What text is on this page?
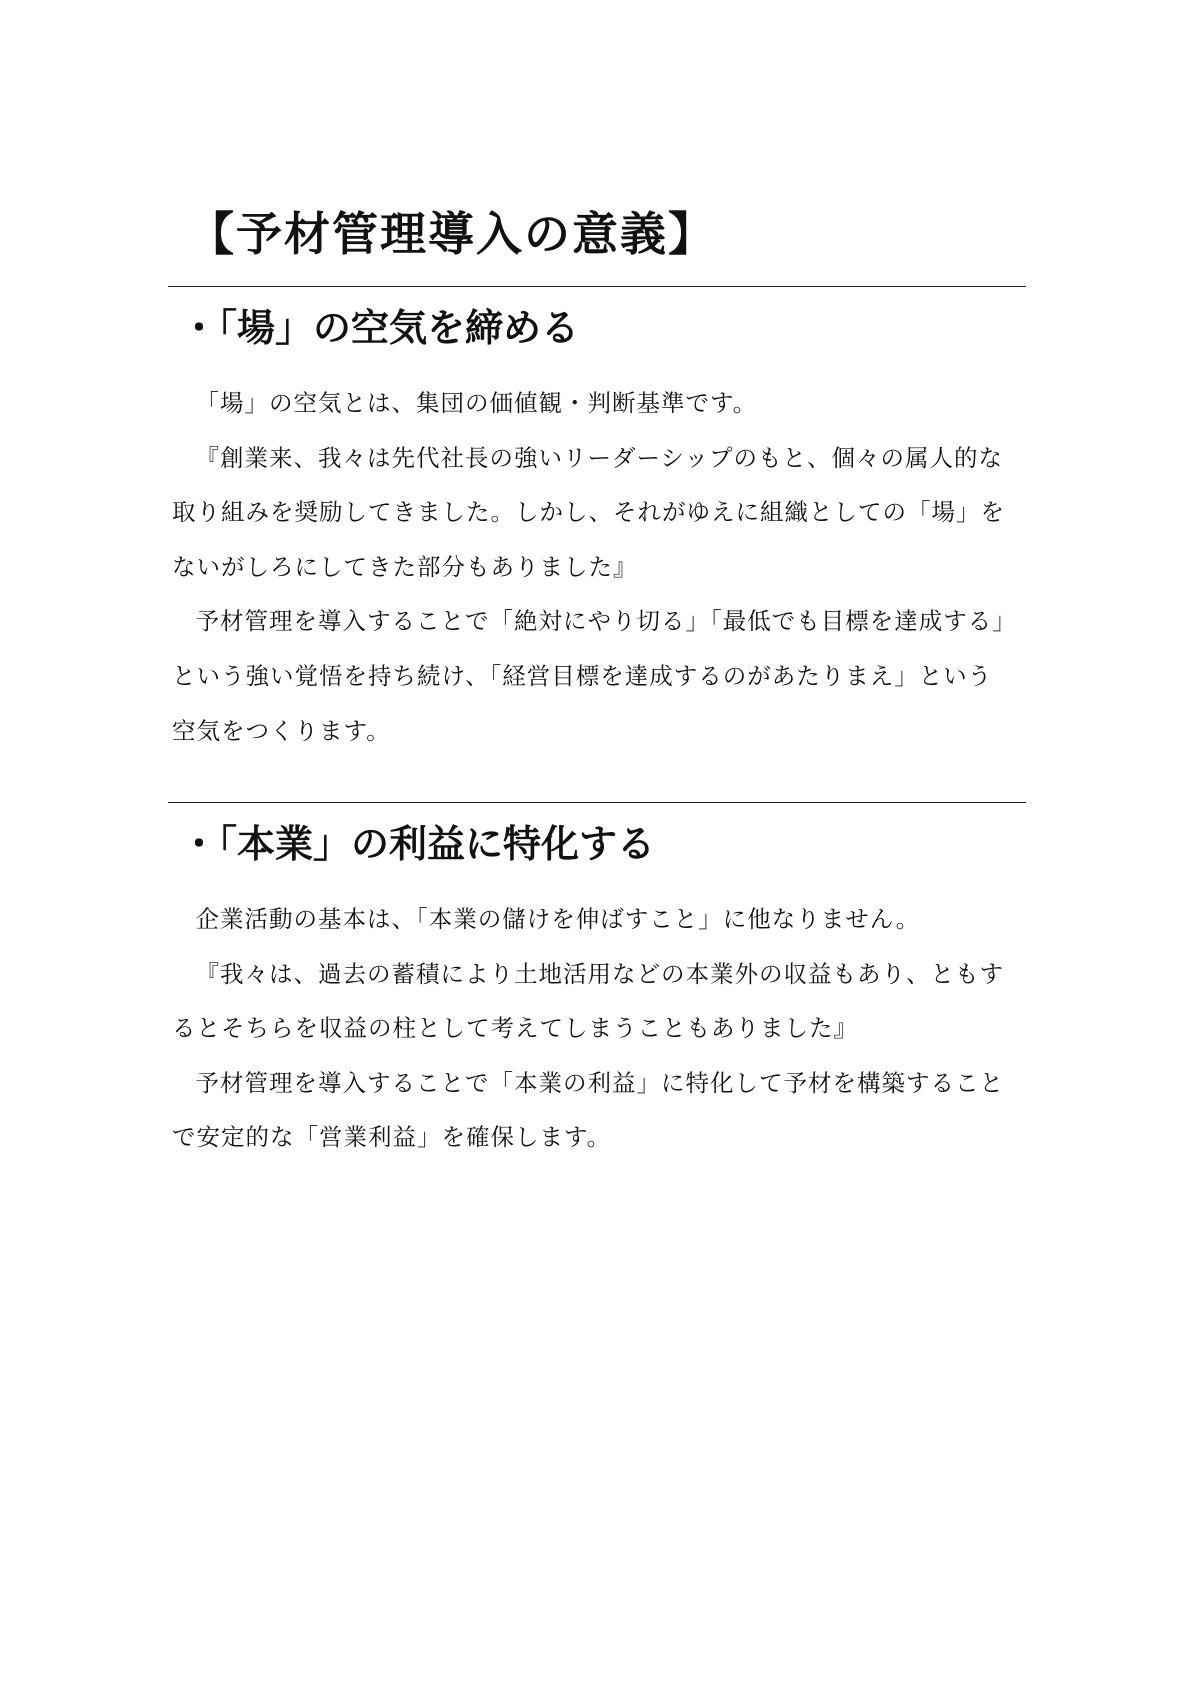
【予材管理導入の意義】
・「場」の空気を締める

「場」の空気とは、集団の価値観・判断基準です。

『創業来、我々は先代社長の強いリーダーシップのもと、個々の属人的な取り組みを奨励してきました。しかし、それがゆえに組織としての「場」をないがしろにしてきた部分もありました』

予材管理を導入することで「絶対にやり切る」「最低でも目標を達成する」という強い覚悟を持ち続け、「経営目標を達成するのがあたりまえ」という空気をつくります。

・「本業」の利益に特化する

企業活動の基本は、「本業の儲けを伸ばすこと」に他なりません。

『我々は、過去の蓄積により土地活用などの本業外の収益もあり、ともするとそちらを収益の柱として考えてしまうこともありました』

予材管理を導入することで「本業の利益」に特化して予材を構築することで安定的な「営業利益」を確保します。
